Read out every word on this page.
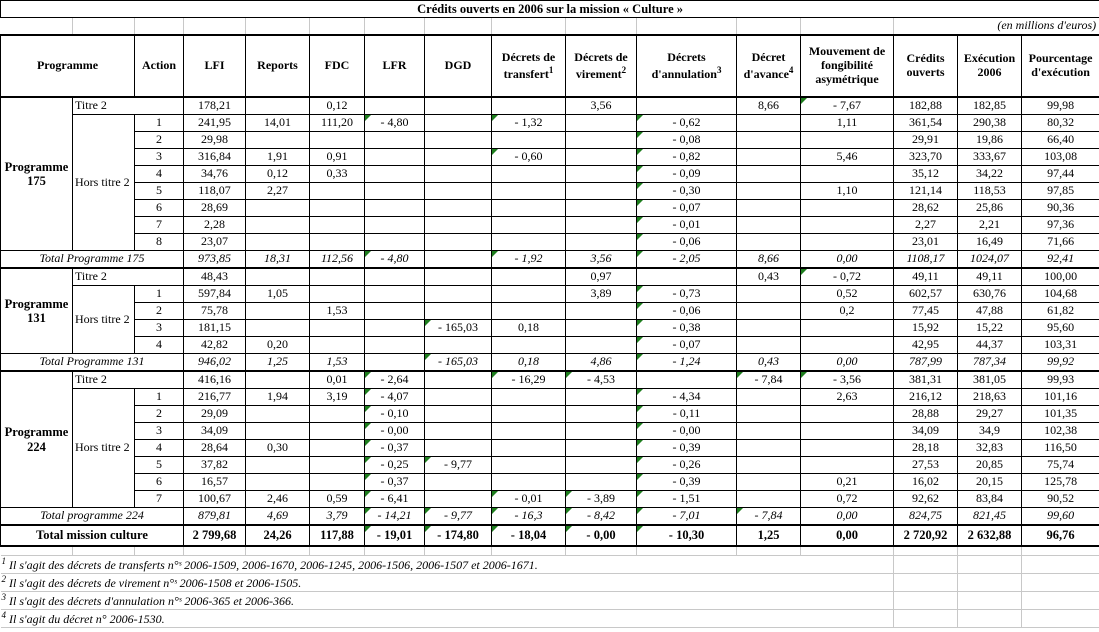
Crédits ouverts en 2006 sur la mission « Culture »															
													(en millions d'euros)		
Programme		Action	LFI	Reports	FDC	LFR	DGD	Décrets de transfert$^1$	Décrets de virement$^2$	Décrets d'annulation$^3$	Décret d'avance$^4$	Mouvement de fongibilité asymétrique	Crédits ouverts	Exécution 2006	Pourcentage d'exécution
Programme 175	Titre 2		178,21		0,12				3,56		8,66	- 7,67	182,88	182,85	99,98
	Hors titre 2	1	241,95	14,01	111,20	- 4,80		- 1,32		- 0,62		1,11	361,54	290,38	80,32
		2	29,98							- 0,08			29,91	19,86	66,40
		3	316,84	1,91	0,91			- 0,60		- 0,82		5,46	323,70	333,67	103,08
		4	34,76	0,12	0,33					- 0,09			35,12	34,22	97,44
		5	118,07	2,27						- 0,30		1,10	121,14	118,53	97,85
		6	28,69							- 0,07			28,62	25,86	90,36
		7	2,28							- 0,01			2,27	2,21	97,36
		8	23,07							- 0,06			23,01	16,49	71,66
Total Programme 175			973,85	18,31	112,56	- 4,80		- 1,92	3,56	- 2,05	8,66	0,00	1108,17	1024,07	92,41
Programme 131	Titre 2		48,43						0,97		0,43	- 0,72	49,11	49,11	100,00
	Hors titre 2	1	597,84	1,05					3,89	- 0,73		0,52	602,57	630,76	104,68
		2	75,78		1,53					- 0,06		0,2	77,45	47,88	61,82
		3	181,15				- 165,03	0,18		- 0,38			15,92	15,22	95,60
		4	42,82	0,20						- 0,07			42,95	44,37	103,31
Total Programme 131			946,02	1,25	1,53		- 165,03	0,18	4,86	- 1,24	0,43	0,00	787,99	787,34	99,92
Programme 224	Titre 2		416,16		0,01	- 2,64		- 16,29	- 4,53		- 7,84	- 3,56	381,31	381,05	99,93
	Hors titre 2	1	216,77	1,94	3,19	- 4,07				- 4,34		2,63	216,12	218,63	101,16
		2	29,09			- 0,10				- 0,11			28,88	29,27	101,35
		3	34,09			- 0,00				- 0,00			34,09	34,9	102,38
		4	28,64	0,30		- 0,37				- 0,39			28,18	32,83	116,50
		5	37,82			- 0,25	- 9,77			- 0,26			27,53	20,85	75,74
		6	16,57			- 0,37				- 0,39		0,21	16,02	20,15	125,78
		7	100,67	2,46	0,59	- 6,41		- 0,01	- 3,89	- 1,51		0,72	92,62	83,84	90,52
Total programme 224			879,81	4,69	3,79	- 14,21	- 9,77	- 16,3	- 8,42	- 7,01	- 7,84	0,00	824,75	821,45	99,60
Total mission culture			2 799,68	24,26	117,88	- 19,01	- 174,80	- 18,04	- 0,00	- 10,30	1,25	0,00	2 720,92	2 632,88	96,76

$^1$ Il s'agit des décrets de transferts n°ˢ 2006-1509, 2006-1670, 2006-1245, 2006-1506, 2006-1507 et 2006-1671.															
$^2$ Il s'agit des décrets de virement n°ˢ 2006-1508 et 2006-1505.															
$^3$ Il s'agit des décrets d'annulation n°ˢ 2006-365 et 2006-366.															
$^4$ Il s'agit du décret n° 2006-1530.															
